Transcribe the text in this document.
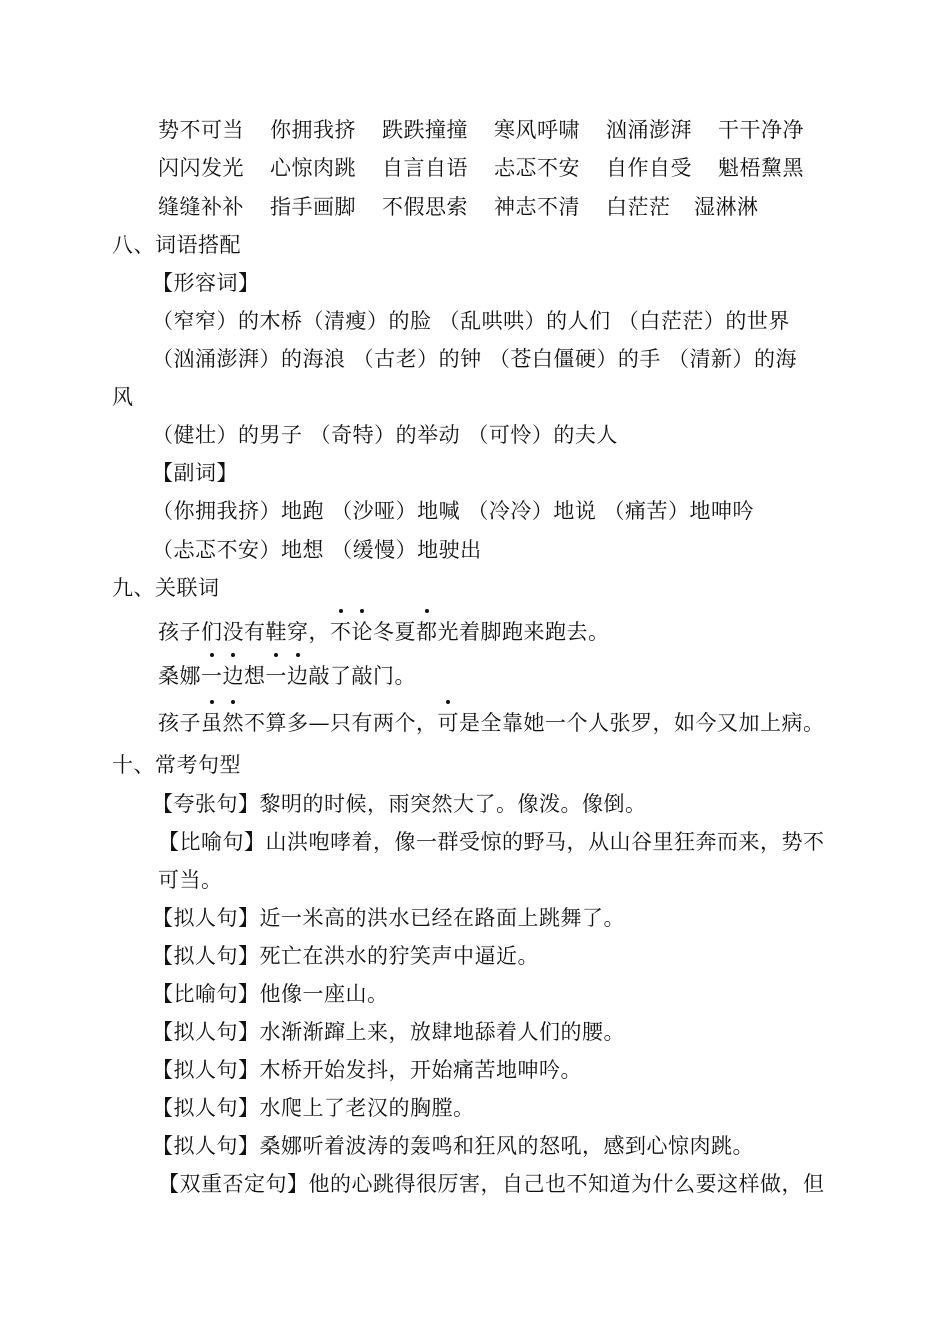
势不可当 你拥我挤 跌跌撞撞 寒风呼啸 汹涌澎湃 干干净净
闪闪发光 心惊肉跳 自言自语 忐忑不安 自作自受 魁梧黧黑
缝缝补补 指手画脚 不假思索 神志不清 白茫茫 湿淋淋
八、词语搭配
【形容词】
（窄窄）的木桥（清瘦）的脸 （乱哄哄）的人们 （白茫茫）的世界
（汹涌澎湃）的海浪 （古老）的钟 （苍白僵硬）的手 （清新）的海
风
（健壮）的男子 （奇特）的举动 （可怜）的夫人
【副词】
（你拥我挤）地跑 （沙哑）地喊 （冷冷）地说 （痛苦）地呻吟
（忐忑不安）地想 （缓慢）地驶出
九、关联词
孩子们没有鞋穿，不论冬夏都光着脚跑来跑去。
桑娜一边想一边敲了敲门。
孩子虽然不算多—只有两个，可是全靠她一个人张罗，如今又加上病。
十、常考句型
【夸张句】黎明的时候，雨突然大了。像泼。像倒。
【比喻句】山洪咆哮着，像一群受惊的野马，从山谷里狂奔而来，势不
可当。
【拟人句】近一米高的洪水已经在路面上跳舞了。
【拟人句】死亡在洪水的狞笑声中逼近。
【比喻句】他像一座山。
【拟人句】水渐渐蹿上来，放肆地舔着人们的腰。
【拟人句】木桥开始发抖，开始痛苦地呻吟。
【拟人句】水爬上了老汉的胸膛。
【拟人句】桑娜听着波涛的轰鸣和狂风的怒吼，感到心惊肉跳。
【双重否定句】他的心跳得很厉害，自己也不知道为什么要这样做，但
